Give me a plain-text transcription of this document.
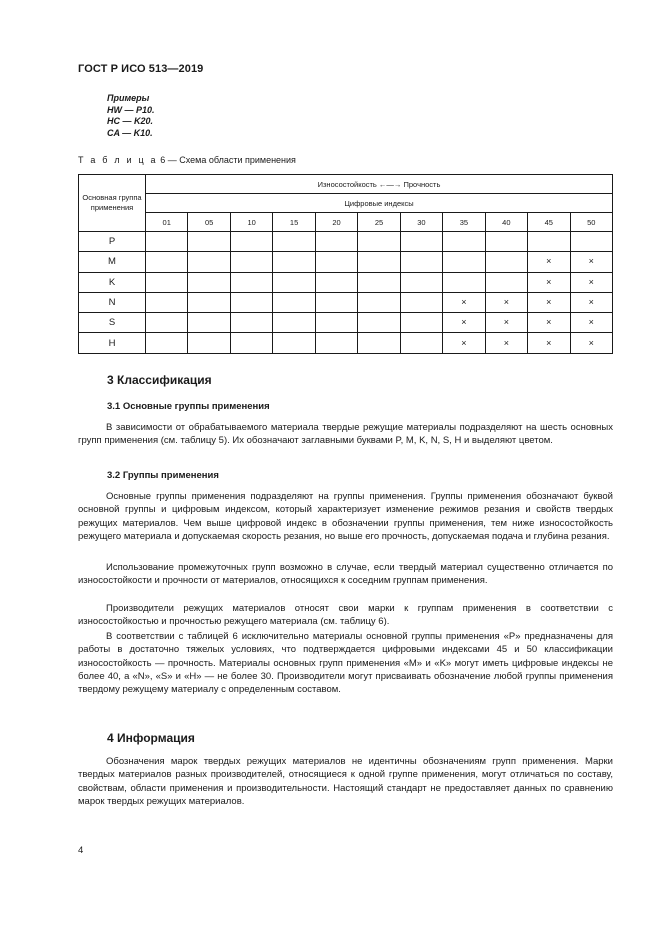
ГОСТ Р ИСО 513—2019
Примеры
HW — P10.
HC — K20.
CA — K10.
Т а б л и ц а 6 — Схема области применения
Основная группа применения	Износостойкость ←—→ Прочность										
	Цифровые индексы										
	01	05	10	15	20	25	30	35	40	45	50
P											
M										×	×
K										×	×
N								×	×	×	×
S								×	×	×	×
H								×	×	×	×
3 Классификация
3.1 Основные группы применения

В зависимости от обрабатываемого материала твердые режущие материалы подразделяют на шесть основных групп применения (см. таблицу 5). Их обозначают заглавными буквами P, M, K, N, S, H и выделяют цветом.

3.2 Группы применения

Основные группы применения подразделяют на группы применения. Группы применения обозначают буквой основной группы и цифровым индексом, который характеризует изменение режимов резания и свойств твердых режущих материалов. Чем выше цифровой индекс в обозначении группы применения, тем ниже износостойкость режущего материала и допускаемая скорость резания, но выше его прочность, допускаемая подача и глубина резания.

Использование промежуточных групп возможно в случае, если твердый материал существенно отличается по износостойкости и прочности от материалов, относящихся к соседним группам применения.

Производители режущих материалов относят свои марки к группам применения в соответствии с износостойкостью и прочностью режущего материала (см. таблицу 6).

В соответствии с таблицей 6 исключительно материалы основной группы применения «P» предназначены для работы в достаточно тяжелых условиях, что подтверждается цифровыми индексами 45 и 50 классификации износостойкость — прочность. Материалы основных групп применения «M» и «K» могут иметь цифровые индексы не более 40, а «N», «S» и «H» — не более 30. Производители могут присваивать обозначение любой группы применения твердому режущему материалу с определенным составом.

4 Информация

Обозначения марок твердых режущих материалов не идентичны обозначениям групп применения. Марки твердых материалов разных производителей, относящиеся к одной группе применения, могут отличаться по составу, свойствам, области применения и производительности. Настоящий стандарт не предоставляет данных по сравнению марок твердых режущих материалов.

4
